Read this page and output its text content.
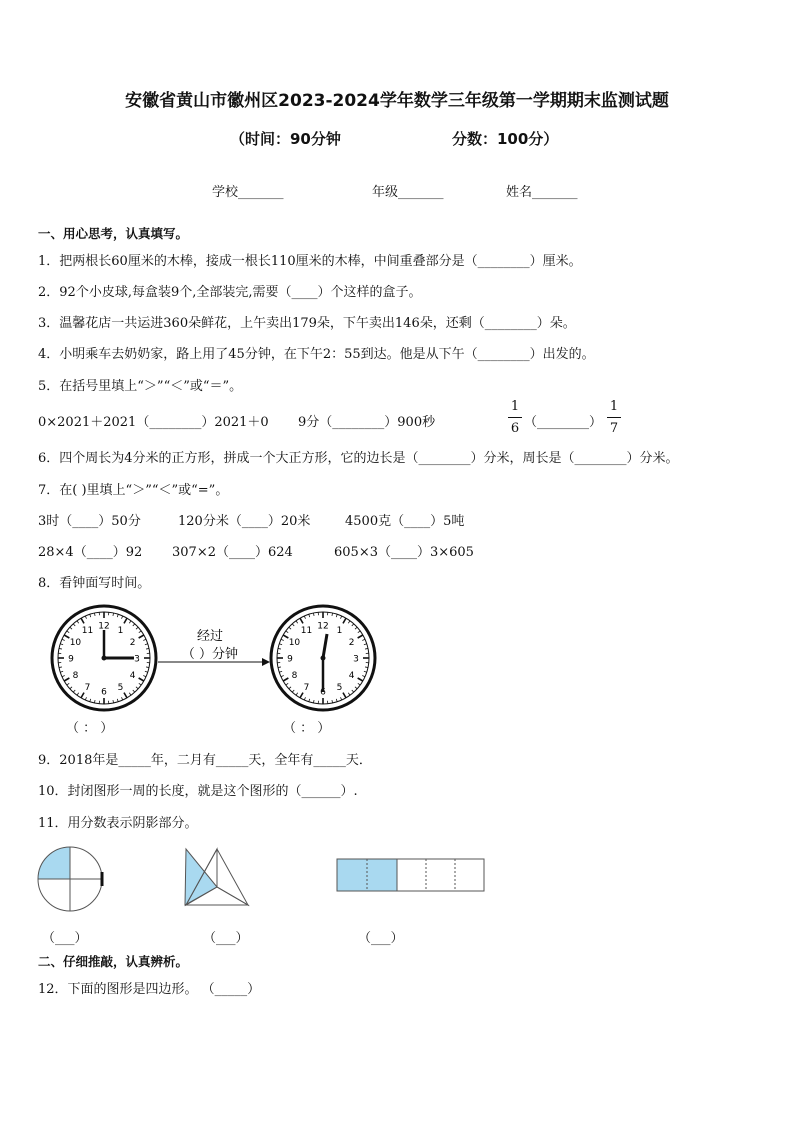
安徽省黄山市徽州区2023-2024学年数学三年级第一学期期末监测试题
（时间：90分钟	分数：100分）
学校_______	年级_______	姓名_______
一、用心思考，认真填写。
1．把两根长60厘米的木棒，接成一根长110厘米的木棒，中间重叠部分是（________）厘米。
2．92个小皮球,每盒装9个,全部装完,需要（____）个这样的盒子。
3．温馨花店一共运进360朵鲜花，上午卖出179朵，下午卖出146朵，还剩（________）朵。
4．小明乘车去奶奶家，路上用了45分钟，在下午2：55到达。他是从下午（________）出发的。
5．在括号里填上“＞”“＜”或“＝”。
0×2021＋2021（________）2021＋0 9分（________）900秒
1
6 （________）
1
7
6．四个周长为4分米的正方形，拼成一个大正方形，它的边长是（________）分米，周长是（________）分米。
7．在( )里填上“＞”“＜”或“=”。
3时（____）50分	120分米（____）20米	4500克（____）5吨
28×4（____）92 307×2（____）624	605×3（____）3×605
8．看钟面写时间。
12 1
2
3
4
5
6
7
8
9
10
11	经过
（ ）分钟
12 1
2
3
4
5
6
7
8
9
10
11
（ ： ）	（ ： ）
9．2018年是_____年，二月有_____天，全年有_____天．
10．封闭图形一周的长度，就是这个图形的（______）.
11．用分数表示阴影部分。
（___）	（___）	（___）
二、仔细推敲，认真辨析。
12．下面的图形是四边形。 （_____）
